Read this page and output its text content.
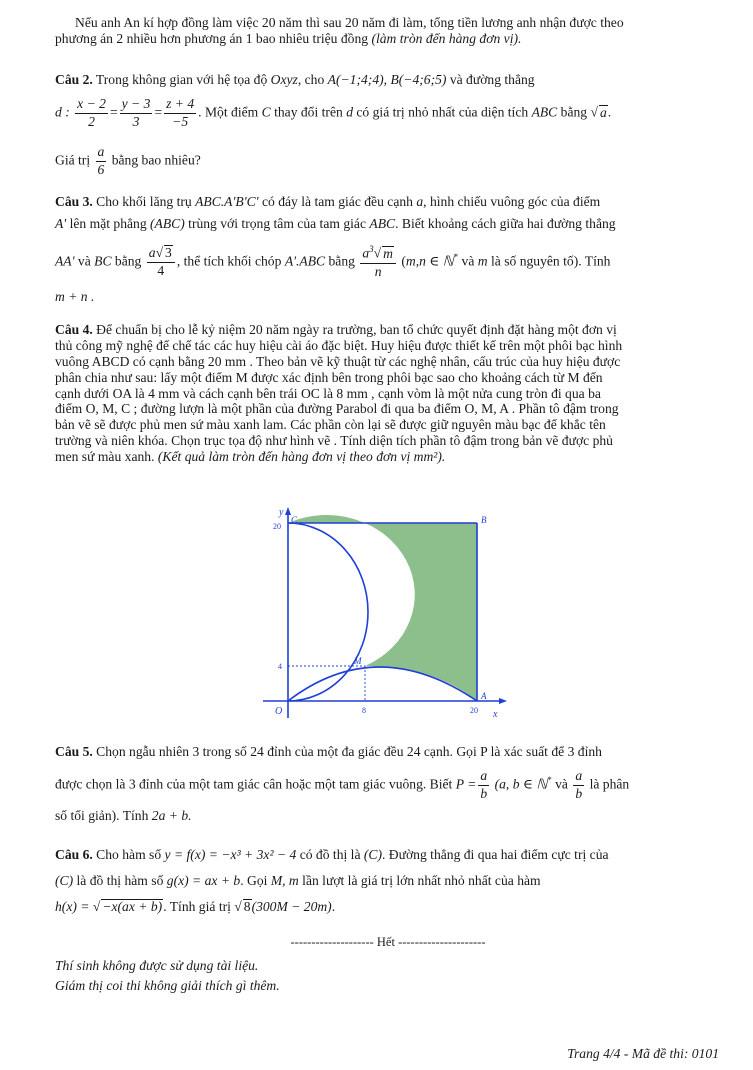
Nếu anh An kí hợp đồng làm việc 20 năm thì sau 20 năm đi làm, tổng tiền lương anh nhận được theo
phương án 2 nhiều hơn phương án 1 bao nhiêu triệu đồng (làm tròn đến hàng đơn vị).
Câu 2. Trong không gian với hệ tọa độ Oxyz, cho A(−1;4;4), B(−4;6;5) và đường thẳng
d : $\frac{x - 2}{2} = \frac{y - 3}{3} = \frac{z + 4}{-5}$ . Một điểm C thay đổi trên d có giá trị nhỏ nhất của diện tích ABC bằng √ a.
Giá trị $\frac{a}{6}$ bằng bao nhiêu?
Câu 3. Cho khối lăng trụ ABC.A'B'C' có đáy là tam giác đều cạnh a, hình chiếu vuông góc của điểm
A' lên mặt phẳng (ABC) trùng với trọng tâm của tam giác ABC. Biết khoảng cách giữa hai đường thẳng
AA' và BC bằng $\frac{a√ 3}{4}$ , thể tích khối chóp A'.ABC bằng $\frac{a^3√ m}{n} (m,n$ ∈ ℕ* và m là số nguyên tố). Tính
m + n .
Câu 4. Để chuẩn bị cho lễ kỷ niệm 20 năm ngày ra trường, ban tổ chức quyết định đặt hàng một đơn vị
thủ công mỹ nghệ để chế tác các huy hiệu cài áo đặc biệt. Huy hiệu được thiết kế trên một phôi bạc hình
vuông ABCD có cạnh bằng 20 mm . Theo bản vẽ kỹ thuật từ các nghệ nhân, cấu trúc của huy hiệu được
phân chia như sau: lấy một điểm M được xác định bên trong phôi bạc sao cho khoảng cách từ M đến
cạnh dưới OA là 4 mm và cách cạnh bên trái OC là 8 mm , cạnh vòm là một nửa cung tròn đi qua ba
điểm O, M, C ; đường lượn là một phần của đường Parabol đi qua ba điểm O, M, A . Phần tô đậm trong
bản vẽ sẽ được phủ men sứ màu xanh lam. Các phần còn lại sẽ được giữ nguyên màu bạc để khắc tên
trường và niên khóa. Chọn trục tọa độ như hình vẽ . Tính diện tích phần tô đậm trong bản vẽ được phủ
men sứ màu xanh. (Kết quả làm tròn đến hàng đơn vị theo đơn vị mm²).
y
x
O
A
B
C
M
20
4
8	20
Câu 5. Chọn ngẫu nhiên 3 trong số 24 đỉnh của một đa giác đều 24 cạnh. Gọi P là xác suất để 3 đỉnh
được chọn là 3 đỉnh của một tam giác cân hoặc một tam giác vuông. Biết $P = \frac{a}{b} (a$, b ∈ ℕ* và $\frac{a}{b}$ là phân
số tối giản). Tính 2a + b.
Câu 6. Cho hàm số y = f(x) = −x³ + 3x² − 4 có đồ thị là (C). Đường thẳng đi qua hai điểm cực trị của
(C) là đồ thị hàm số g(x) = ax + b. Gọi M, m lần lượt là giá trị lớn nhất nhỏ nhất của hàm
h(x) = √ −x(ax + b). Tính giá trị √ 8(300M − 20m).
-------------------- Hết ---------------------
Thí sinh không được sử dụng tài liệu.
Giám thị coi thi không giải thích gì thêm.
Trang 4/4 - Mã đề thi: 0101
